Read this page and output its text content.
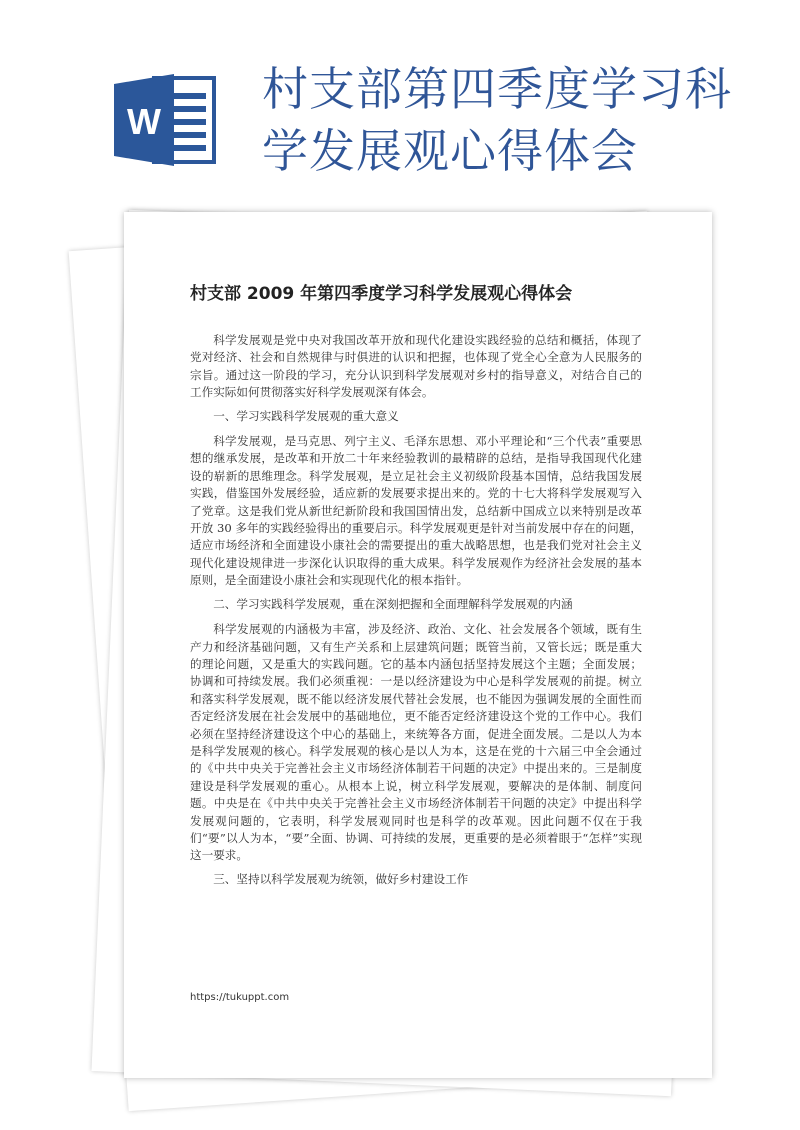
W
村支部第四季度学习科
学发展观心得体会
村支部 2009 年第四季度学习科学发展观心得体会

科学发展观是党中央对我国改革开放和现代化建设实践经验的总结和概括，体现了党对经济、社会和自然规律与时俱进的认识和把握，也体现了党全心全意为人民服务的宗旨。通过这一阶段的学习，充分认识到科学发展观对乡村的指导意义，对结合自己的工作实际如何贯彻落实好科学发展观深有体会。

一、学习实践科学发展观的重大意义

科学发展观，是马克思、列宁主义、毛泽东思想、邓小平理论和“三个代表”重要思想的继承发展，是改革和开放二十年来经验教训的最精辟的总结，是指导我国现代化建设的崭新的思维理念。科学发展观，是立足社会主义初级阶段基本国情，总结我国发展实践，借鉴国外发展经验，适应新的发展要求提出来的。党的十七大将科学发展观写入了党章。这是我们党从新世纪新阶段和我国国情出发，总结新中国成立以来特别是改革开放 30 多年的实践经验得出的重要启示。科学发展观更是针对当前发展中存在的问题，适应市场经济和全面建设小康社会的需要提出的重大战略思想，也是我们党对社会主义现代化建设规律进一步深化认识取得的重大成果。科学发展观作为经济社会发展的基本原则，是全面建设小康社会和实现现代化的根本指针。

二、学习实践科学发展观，重在深刻把握和全面理解科学发展观的内涵

科学发展观的内涵极为丰富，涉及经济、政治、文化、社会发展各个领域，既有生产力和经济基础问题，又有生产关系和上层建筑问题；既管当前，又管长远；既是重大的理论问题，又是重大的实践问题。它的基本内涵包括坚持发展这个主题；全面发展；协调和可持续发展。我们必须重视：一是以经济建设为中心是科学发展观的前提。树立和落实科学发展观，既不能以经济发展代替社会发展，也不能因为强调发展的全面性而否定经济发展在社会发展中的基础地位，更不能否定经济建设这个党的工作中心。我们必须在坚持经济建设这个中心的基础上，来统筹各方面，促进全面发展。二是以人为本是科学发展观的核心。科学发展观的核心是以人为本，这是在党的十六届三中全会通过的《中共中央关于完善社会主义市场经济体制若干问题的决定》中提出来的。三是制度建设是科学发展观的重心。从根本上说，树立科学发展观，要解决的是体制、制度问题。中央是在《中共中央关于完善社会主义市场经济体制若干问题的决定》中提出科学发展观问题的，它表明，科学发展观同时也是科学的改革观。因此问题不仅在于我们“要”以人为本，“要”全面、协调、可持续的发展，更重要的是必须着眼于“怎样”实现这一要求。

三、坚持以科学发展观为统领，做好乡村建设工作

https://tukuppt.com
